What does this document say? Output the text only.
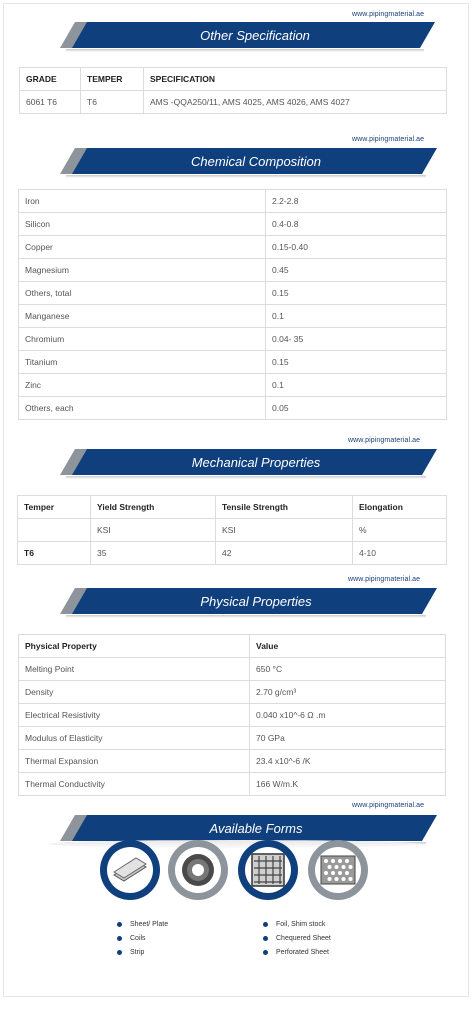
www.pipingmaterial.ae
Other Specification
GRADE	TEMPER	SPECIFICATION
6061 T6	T6	AMS -QQA250/11, AMS 4025, AMS 4026, AMS 4027
www.pipingmaterial.ae
Chemical Composition
Iron	2.2-2.8
Silicon	0.4-0.8
Copper	0.15-0.40
Magnesium	0.45
Others, total	0.15
Manganese	0.1
Chromium	0.04- 35
Titanium	0.15
Zinc	0.1
Others, each	0.05
www.pipingmaterial.ae
Mechanical Properties
Temper	Yield Strength	Tensile Strength	Elongation
	KSI	KSI	%
T6	35	42	4-10
www.pipingmaterial.ae
Physical Properties
Physical Property	Value
Melting Point	650 °C
Density	2.70 g/cm³
Electrical Resistivity	0.040 x10^-6 Ω .m
Modulus of Elasticity	70 GPa
Thermal Expansion	23.4 x10^-6 /K
Thermal Conductivity	166 W/m.K
www.pipingmaterial.ae
Available Forms
Sheet/ Plate
Coils
Strip
Foil, Shim stock
Chequered Sheet
Perforated Sheet
